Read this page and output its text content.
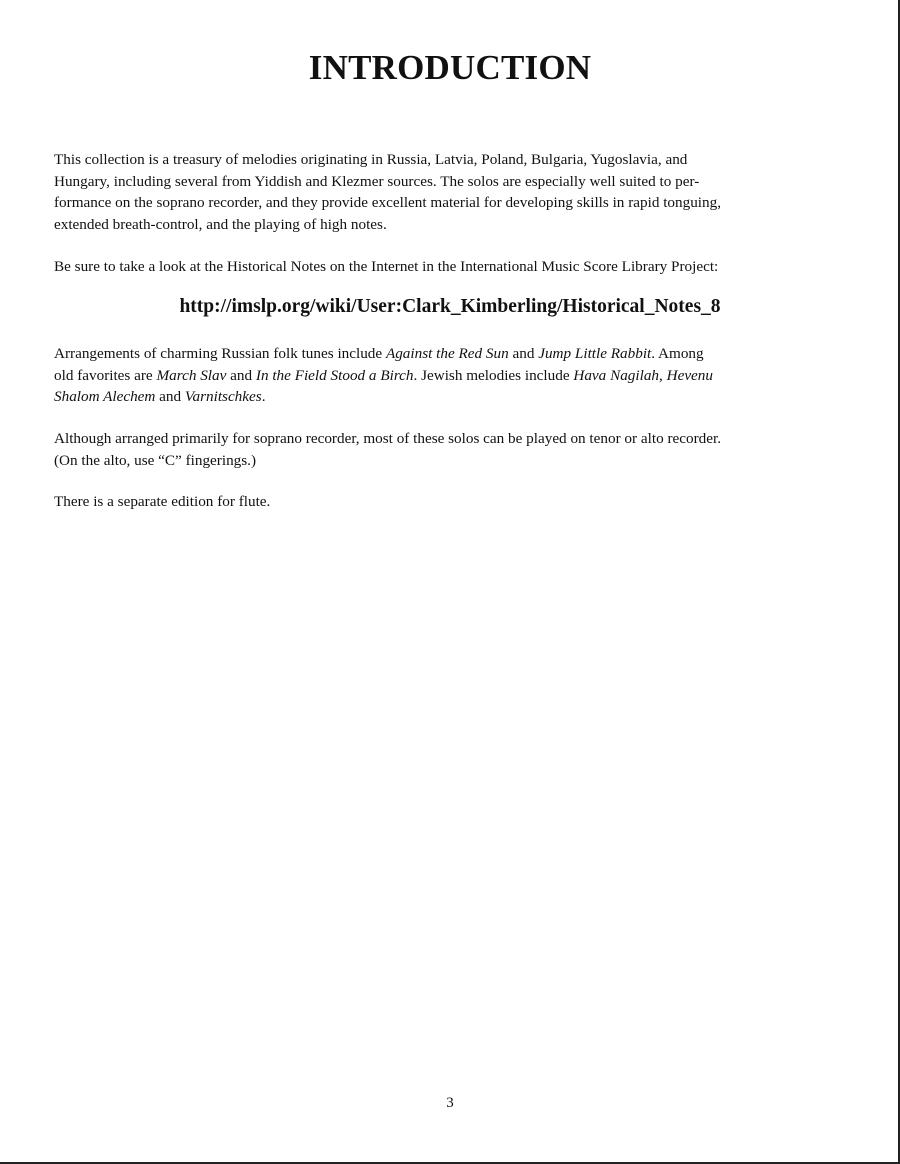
INTRODUCTION
This collection is a treasury of melodies originating in Russia, Latvia, Poland, Bulgaria, Yugoslavia, and
Hungary, including several from Yiddish and Klezmer sources. The solos are especially well suited to per-
formance on the soprano recorder, and they provide excellent material for developing skills in rapid tonguing,
extended breath-control, and the playing of high notes.
Be sure to take a look at the Historical Notes on the Internet in the International Music Score Library Project:
http://imslp.org/wiki/User:Clark_Kimberling/Historical_Notes_8
Arrangements of charming Russian folk tunes include Against the Red Sun and Jump Little Rabbit. Among
old favorites are March Slav and In the Field Stood a Birch. Jewish melodies include Hava Nagilah, Hevenu
Shalom Alechem and Varnitschkes.
Although arranged primarily for soprano recorder, most of these solos can be played on tenor or alto recorder.
(On the alto, use “C” fingerings.)
There is a separate edition for flute.
3
